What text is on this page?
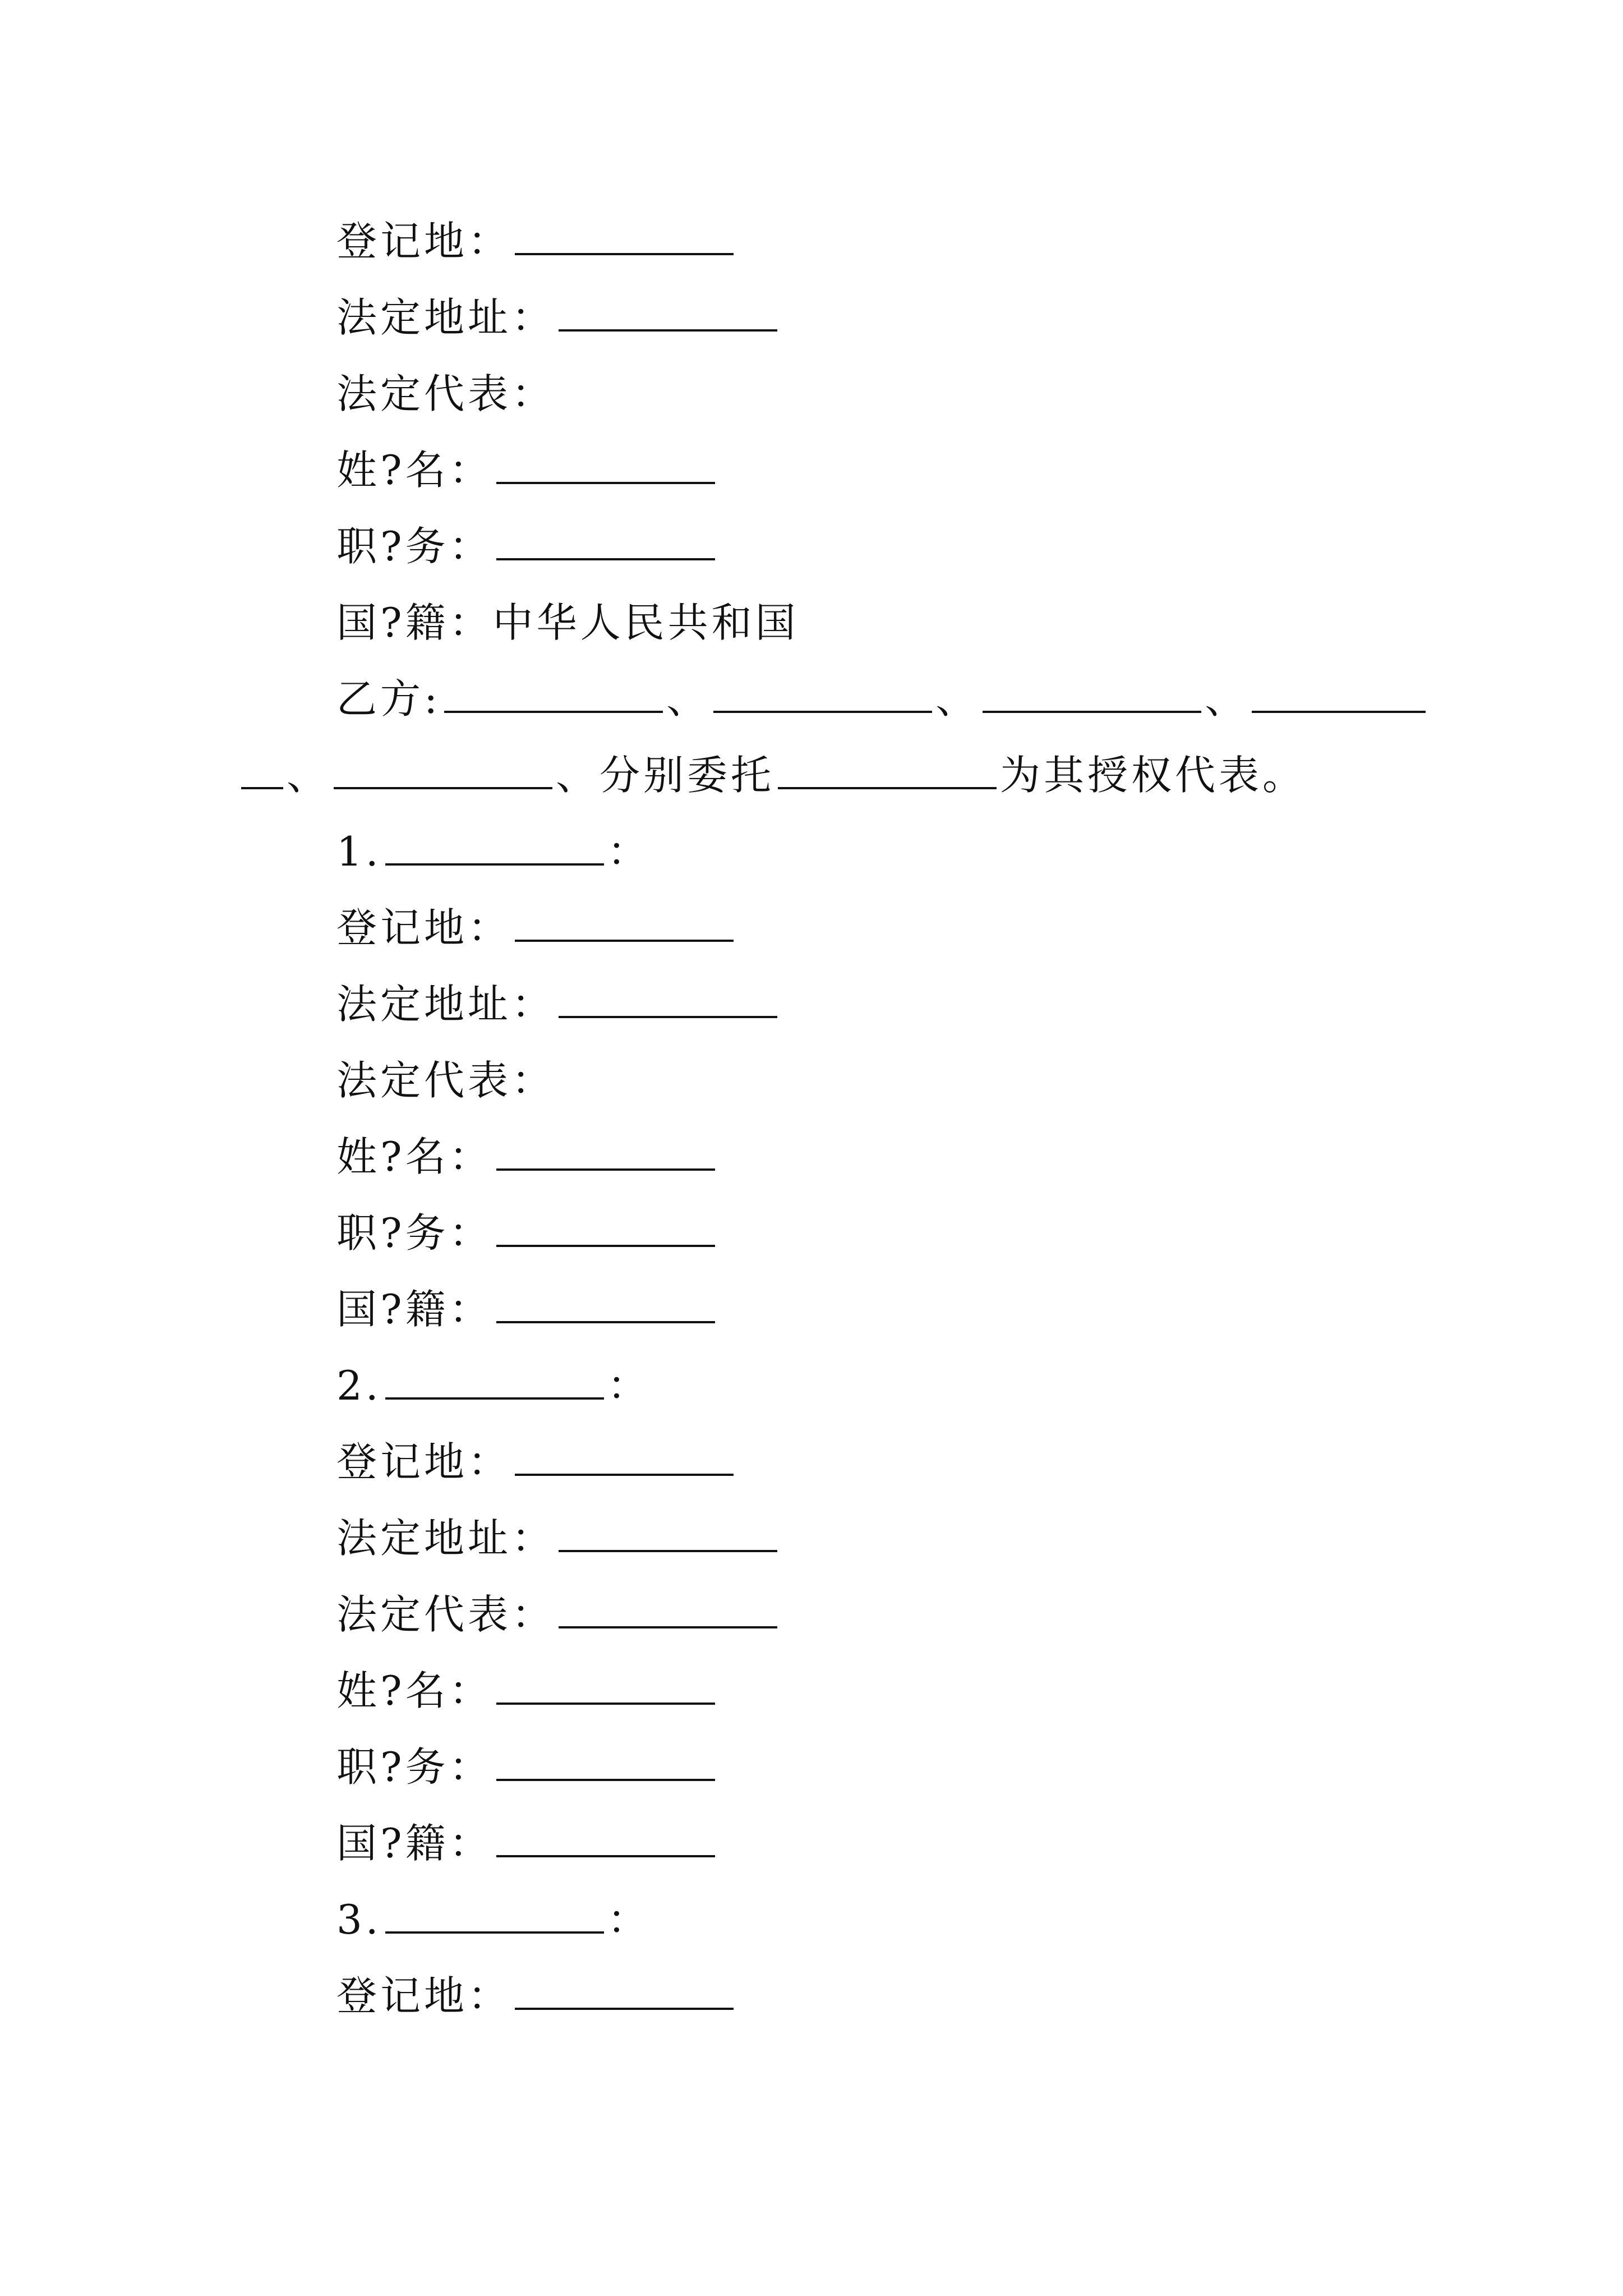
登记地：
法定地址：
法定代表：
姓?名：
职?务：
国?籍：中华人民共和国
乙方:	、	、	、
、	、分别委托	为其授权代表。
1.	：
登记地：
法定地址：
法定代表：
姓?名：
职?务：
国?籍：
2.	：
登记地：
法定地址：
法定代表：
姓?名：
职?务：
国?籍：
3.	：
登记地：
